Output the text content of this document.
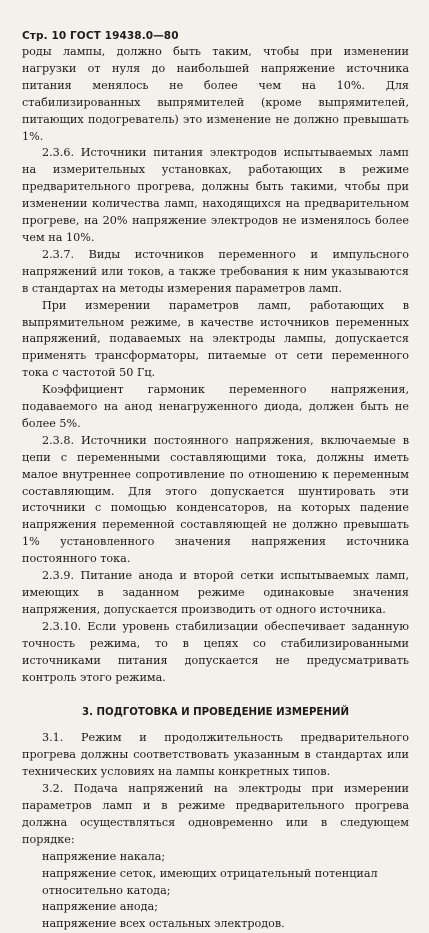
Стр. 10 ГОСТ 19438.0—80

роды лампы, должно быть таким, чтобы при изменении нагрузки от нуля до наибольшей напряжение источника питания менялось не более чем на 10%. Для стабилизированных выпрямителей (кроме выпрямителей, питающих подогреватель) это изменение не должно превышать 1%.

2.3.6. Источники питания электродов испытываемых ламп на измерительных установках, работающих в режиме предварительного прогрева, должны быть такими, чтобы при изменении количества ламп, находящихся на предварительном прогреве, на 20% напряжение электродов не изменялось более чем на 10%.

2.3.7. Виды источников переменного и импульсного напряжений или токов, а также требования к ним указываются в стандартах на методы измерения параметров ламп.

При измерении параметров ламп, работающих в выпрямительном режиме, в качестве источников переменных напряжений, подаваемых на электроды лампы, допускается применять трансформаторы, питаемые от сети переменного тока с частотой 50 Гц.

Коэффициент гармоник переменного напряжения, подаваемого на анод ненагруженного диода, должен быть не более 5%.

2.3.8. Источники постоянного напряжения, включаемые в цепи с переменными составляющими тока, должны иметь малое внутреннее сопротивление по отношению к переменным составляющим. Для этого допускается шунтировать эти источники с помощью конденсаторов, на которых падение напряжения переменной составляющей не должно превышать 1% установленного значения напряжения источника постоянного тока.

2.3.9. Питание анода и второй сетки испытываемых ламп, имеющих в заданном режиме одинаковые значения напряжения, допускается производить от одного источника.

2.3.10. Если уровень стабилизации обеспечивает заданную точность режима, то в цепях со стабилизированными источниками питания допускается не предусматривать контроль этого режима.

3. ПОДГОТОВКА И ПРОВЕДЕНИЕ ИЗМЕРЕНИЙ

3.1. Режим и продолжительность предварительного прогрева должны соответствовать указанным в стандартах или технических условиях на лампы конкретных типов.

3.2. Подача напряжений на электроды при измерении параметров ламп и в режиме предварительного прогрева должна осуществляться одновременно или в следующем порядке:

напряжение накала;

напряжение сеток, имеющих отрицательный потенциал относительно катода;

напряжение анода;

напряжение всех остальных электродов.
